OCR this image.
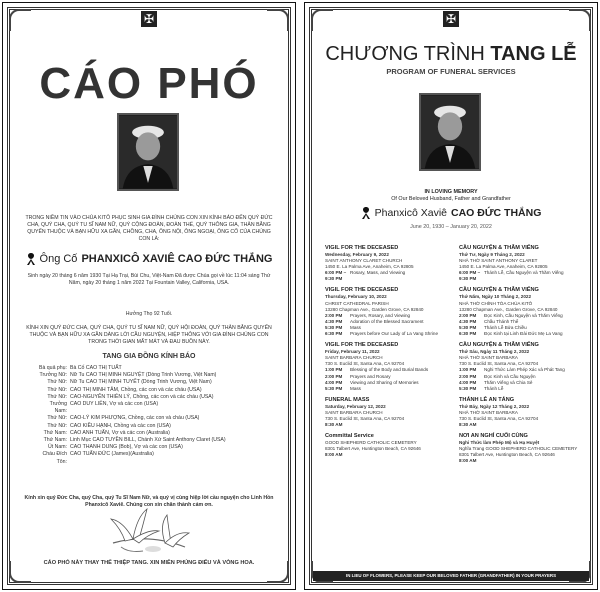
✠
CÁO PHÓ
TRONG NIỀM TIN VÀO CHÚA KITÔ PHỤC SINH GIA ĐÌNH CHÚNG CON XIN KÍNH BÁO ĐẾN QUÝ ĐỨC CHA, QUÝ CHA, QUÝ TU SĨ NAM NỮ, QUÝ CỘNG ĐOÀN, ĐOÀN THỂ, QUÝ THÔNG GIA, THÂN BẰNG QUYẾN THUỘC VÀ BẠN HỮU XA GẦN, CHỒNG, CHA, ÔNG NỘI, ÔNG NGOẠI, ÔNG CỐ CỦA CHÚNG CON LÀ:
Ông Cố PHANXICÔ XAVIÊ CAO ĐỨC THẮNG
Sinh ngày 20 tháng 6 năm 1930 Tại Hạ Trại, Bùi Chu, Việt-Nam Đã được Chúa gọi về lúc 11:04 sáng Thứ Năm, ngày 20 tháng 1 năm 2022 Tại Fountain Valley, California, USA.
Hưởng Thọ 92 Tuổi.
KÍNH XIN QUÝ ĐỨC CHA, QUÝ CHA, QUÝ TU SĨ NAM NỮ, QUÝ HỘI ĐOÀN, QUÝ THÂN BẰNG QUYẾN THUỘC VÀ BẠN HỮU XA GẦN DÀNG LỜI CẦU NGUYỆN, HIỆP THÔNG VỚI GIA ĐÌNH CHÚNG CON TRONG THỜI GIAN MẤT MÁT VÀ ĐAU BUỒN NÀY.
TANG GIA ĐỒNG KÍNH BÁO
Bà quả phụ: Bà Cố CAO THỊ TUẤT
Trưởng Nữ: Nữ Tu CAO THỊ MINH NGUYỆT (Dòng Trinh Vương, Việt Nam)
Thứ Nữ: Nữ Tu CAO THỊ MINH TUYẾT (Dòng Trinh Vương, Việt Nam)
Thứ Nữ: CAO THỊ MINH TÂM, Chồng, các con và các cháu (USA)
Thứ Nữ: CAO-NGUYỄN THIÊN LÝ, Chồng, các con và các cháu (USA)
Trưởng Nam:
CAO DUY LIÊN, Vợ và các con (USA)
Thứ Nữ: CAO-LÝ KIM PHƯỢNG, Chồng, các con và cháu (USA)
Thứ Nữ: CAO KIỀU HẠNH, Chồng và các con (USA)
Thứ Nam: CAO ANH TUẤN, Vợ và các con (Australia)
Thứ Nam: Linh Mục CAO TUYỀN BILL, Chánh Xứ Saint Anthony Claret (USA)
Út Nam: CAO THANH DUNG (Bob), Vợ và các con (USA)
Cháu Đích Tôn:
CAO TUẤN ĐỨC (James)(Australia)
Kính xin quý Đức Cha, quý Cha, quý Tu Sĩ Nam Nữ, và quý vị cùng hiệp lời cầu nguyện cho Linh Hồn Phanxicô Xaviê. Chúng con xin chân thành cám ơn.
CÁO PHÓ NÀY THAY THẾ THIỆP TANG. XIN MIỄN PHÚNG ĐIẾU VÀ VÒNG HOA.
✠
CHƯƠNG TRÌNH TANG LỄ
PROGRAM OF FUNERAL SERVICES
IN LOVING MEMORY
Of Our Beloved Husband, Father and Grandfather
Phanxicô Xaviê CAO ĐỨC THẮNG
June 20, 1930 – January 20, 2022
VIGIL FOR THE DECEASED
Wednesday, February 9, 2022
SAINT ANTHONY CLARET CHURCH
1450 E. La Palma Ave, Anaheim, CA 92805
6:00 PM – 9:30 PM
Rosary, Mass, and Viewing
VIGIL FOR THE DECEASED
Thursday, February 10, 2022
CHRIST CATHEDRAL PARISH
13280 Chapman Ave., Garden Grove, CA 92840
2:00 PM	Prayers, Rosary, and Viewing
4:30 PM	Adoration of the Blessed Sacrament
5:30 PM	Mass
6:30 PM	Prayers before Our Lady of La Vang Shrine
VIGIL FOR THE DECEASED
Friday, February 11, 2022
SAINT BARBARA CHURCH
730 S. Euclid St, Santa Ana, CA 92704
1:00 PM	Blessing of the Body and Burial Bands
2:00 PM	Prayers and Rosary
4:00 PM	Viewing and Sharing of Memories
5:30 PM	Mass
FUNERAL MASS
Saturday, February 12, 2022
SAINT BARBARA CHURCH
730 S. Euclid St, Santa Ana, CA 92704
8:30 AM
Committal Service
GOOD SHEPHERD CATHOLIC CEMETERY
8301 Talbert Ave, Huntington Beach, CA 92646
8:00 AM
CẦU NGUYỆN & THĂM VIẾNG
Thứ Tư, Ngày 9 Tháng 2, 2022
NHÀ THỜ SAINT ANTHONY CLARET
1450 E. La Palma Ave, Anaheim, CA 92805
6:00 PM – 9:30 PM
Thánh Lễ, Cầu Nguyện và Thăm Viếng
CẦU NGUYỆN & THĂM VIẾNG
Thứ Năm, Ngày 10 Tháng 2, 2022
NHÀ THỜ CHÍNH TÒA CHÚA KITÔ
13280 Chapman Ave., Garden Grove, CA 92840
2:00 PM	Đọc Kinh, Cầu Nguyện và Thăm Viếng
4:30 PM	Chầu Thánh Thể
5:30 PM	Thánh Lễ Bửa Chiều
6:30 PM	Đọc Kinh tại Linh Đài Đức Mẹ La Vang
CẦU NGUYỆN & THĂM VIẾNG
Thứ Sáu, Ngày 11 Tháng 2, 2022
NHÀ THỜ SAINT BARBARA
730 S. Euclid St, Santa Ana, CA 92704
1:00 PM	Nghi Thức Làm Phép Xác và Phát Tang
2:00 PM	Đọc Kinh và Cầu Nguyện
4:00 PM	Thăm Viếng và Chia Sẻ
5:30 PM	Thánh Lễ
THÁNH LỄ AN TÁNG
Thứ Bảy, Ngày 12 Tháng 2, 2022
NHÀ THỜ SAINT BARBARA
730 S. Euclid St, Santa Ana, CA 92704
8:30 AM
NƠI AN NGHỈ CUỐI CÙNG
Nghi Thức làm Phép Mộ và Hạ Huyệt
Nghĩa Trang GOOD SHEPHERD CATHOLIC CEMETERY
8301 Talbert Ave, Huntington Beach, CA 92646
8:00 AM
IN LIEU OF FLOWERS, PLEASE KEEP OUR BELOVED FATHER (GRANDFATHER) IN YOUR PRAYERS
